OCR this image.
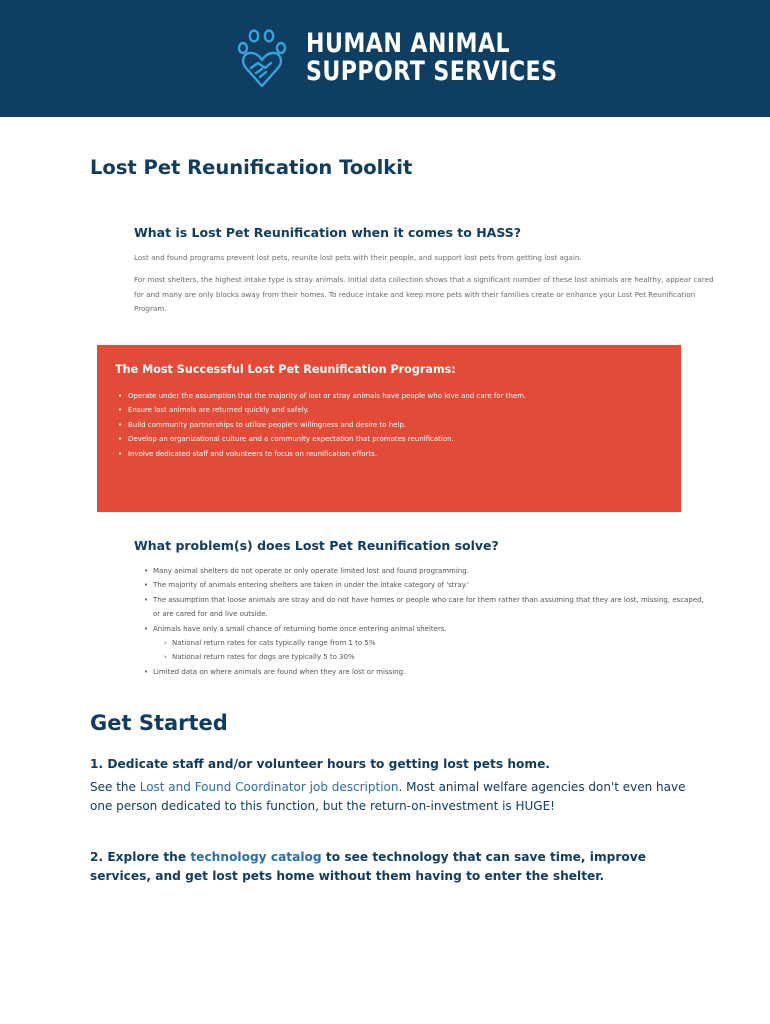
HUMAN ANIMAL
SUPPORT SERVICES
Lost Pet Reunification Toolkit
What is Lost Pet Reunification when it comes to HASS?
Lost and found programs prevent lost pets, reunite lost pets with their people, and support lost pets from getting lost again.
For most shelters, the highest intake type is stray animals. Initial data collection shows that a significant number of these lost animals are healthy, appear cared
for and many are only blocks away from their homes. To reduce intake and keep more pets with their families create or enhance your Lost Pet Reunification
Program.
The Most Successful Lost Pet Reunification Programs:
• Operate under the assumption that the majority of lost or stray animals have people who love and care for them.
• Ensure lost animals are returned quickly and safely.
• Build community partnerships to utilize people's willingness and desire to help.
• Develop an organizational culture and a community expectation that promotes reunification.
• Involve dedicated staff and volunteers to focus on reunification efforts.
What problem(s) does Lost Pet Reunification solve?
• Many animal shelters do not operate or only operate limited lost and found programming.
• The majority of animals entering shelters are taken in under the intake category of 'stray.'
• The assumption that loose animals are stray and do not have homes or people who care for them rather than assuming that they are lost, missing, escaped,
or are cared for and live outside.
• Animals have only a small chance of returning home once entering animal shelters.
› National return rates for cats typically range from 1 to 5%
› National return rates for dogs are typically 5 to 30%
• Limited data on where animals are found when they are lost or missing.
Get Started
1. Dedicate staff and/or volunteer hours to getting lost pets home.
See the Lost and Found Coordinator job description. Most animal welfare agencies don't even have one person dedicated to this function, but the return-on-investment is HUGE!
2. Explore the technology catalog to see technology that can save time, improve services, and get lost pets home without them having to enter the shelter.
